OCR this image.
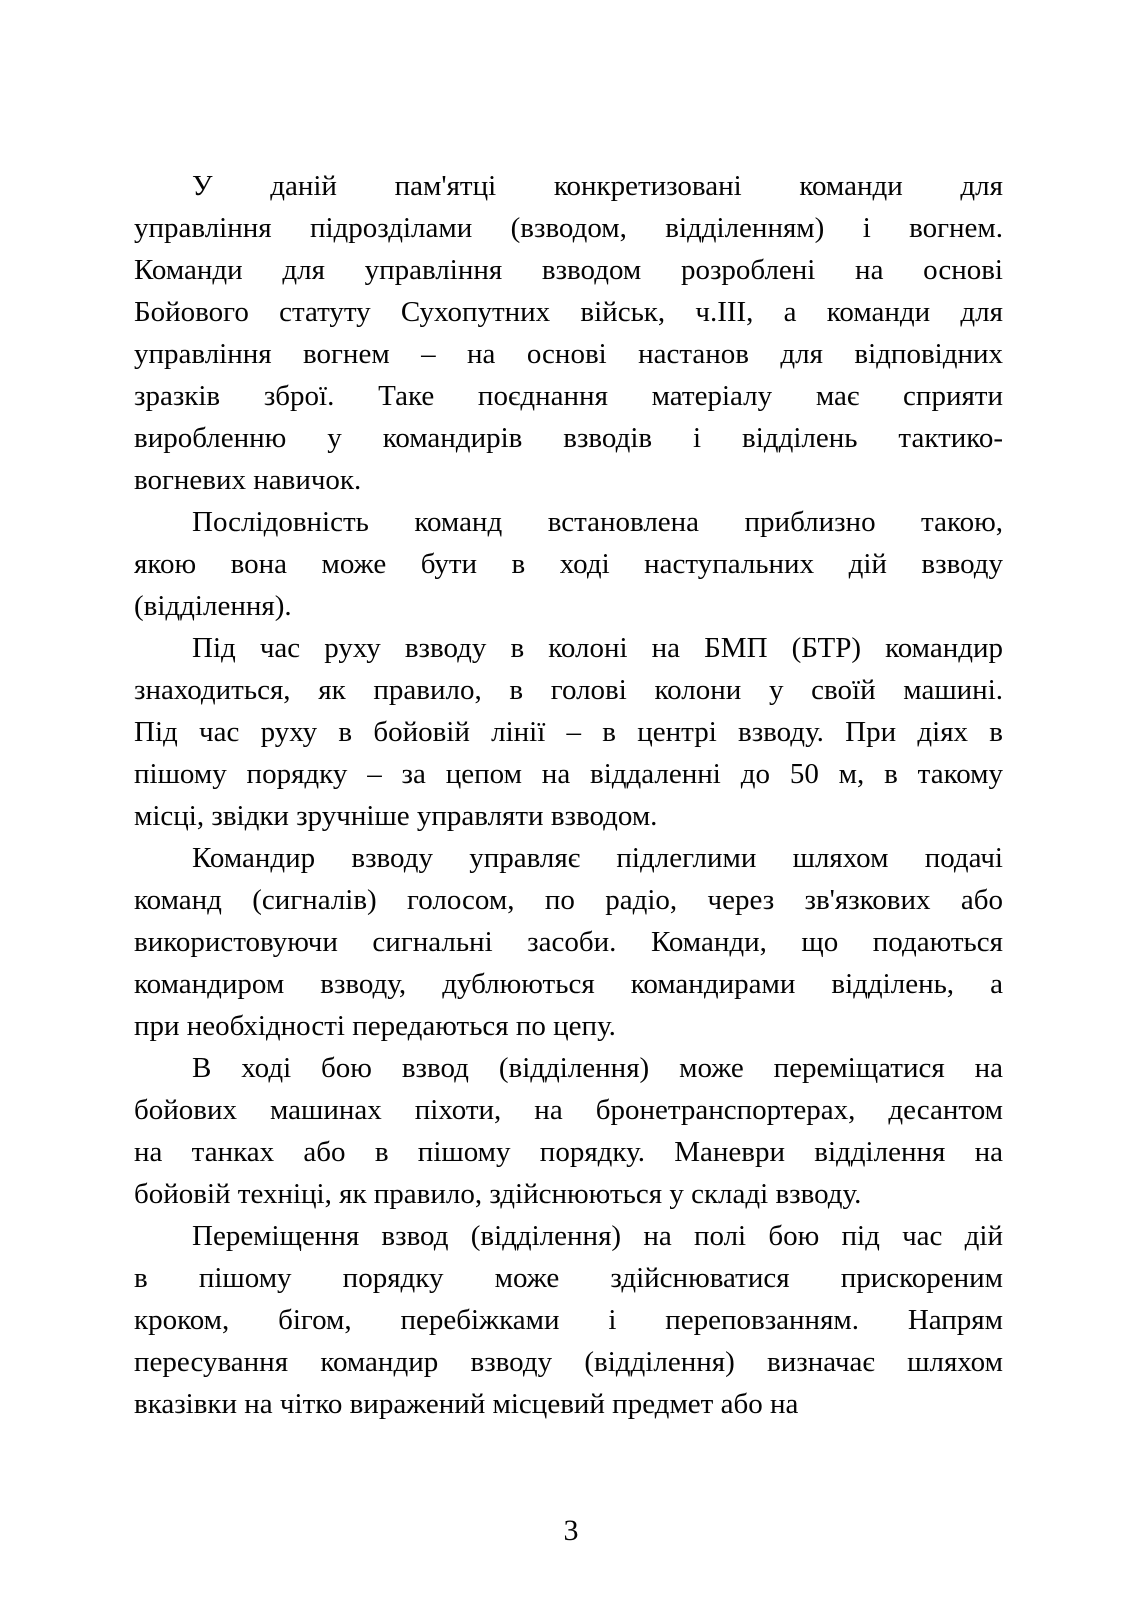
У даній пам'ятці конкретизовані команди для
управління підрозділами (взводом, відділенням) і вогнем.
Команди для управління взводом розроблені на основі
Бойового статуту Сухопутних військ, ч.III, а команди для
управління вогнем – на основі настанов для відповідних
зразків зброї. Таке поєднання матеріалу має сприяти
виробленню у командирів взводів і відділень тактико-
вогневих навичок.

Послідовність команд встановлена приблизно такою,
якою вона може бути в ході наступальних дій взводу
(відділення).

Під час руху взводу в колоні на БМП (БТР) командир
знаходиться, як правило, в голові колони у своїй машині.
Під час руху в бойовій лінії – в центрі взводу. При діях в
пішому порядку – за цепом на віддаленні до 50 м, в такому
місці, звідки зручніше управляти взводом.

Командир взводу управляє підлеглими шляхом подачі
команд (сигналів) голосом, по радіо, через зв'язкових або
використовуючи сигнальні засоби. Команди, що подаються
командиром взводу, дублюються командирами відділень, а
при необхідності передаються по цепу.

В ході бою взвод (відділення) може переміщатися на
бойових машинах піхоти, на бронетранспортерах, десантом
на танках або в пішому порядку. Маневри відділення на
бойовій техніці, як правило, здійснюються у складі взводу.

Переміщення взвод (відділення) на полі бою під час дій
в пішому порядку може здійснюватися прискореним
кроком, бігом, перебіжками і переповзанням. Напрям
пересування командир взводу (відділення) визначає шляхом
вказівки на чітко виражений місцевий предмет або на

3
